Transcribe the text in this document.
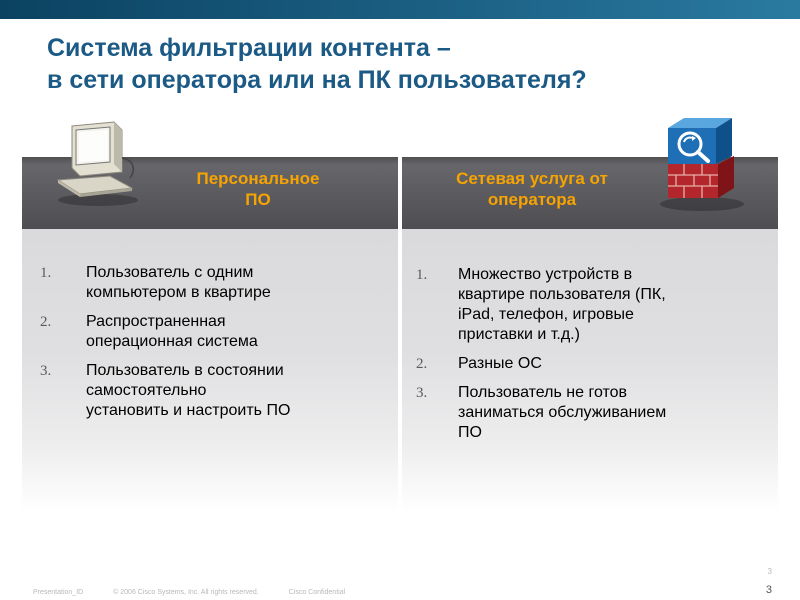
Система фильтрации контента –
в сети оператора или на ПК пользователя?
Персональное
ПО
1. Пользователь с одним
компьютером в квартире
2. Распространенная
операционная система
3. Пользователь в состоянии
самостоятельно
установить и настроить ПО
Сетевая услуга от
оператора
1. Множество устройств в
квартире пользователя (ПК,
iPad, телефон, игровые
приставки и т.д.)
2. Разные ОС
3. Пользователь не готов
заниматься обслуживанием
ПО
Presentation_ID	© 2006 Cisco Systems, Inc. All rights reserved.	Cisco Confidential
3
3
